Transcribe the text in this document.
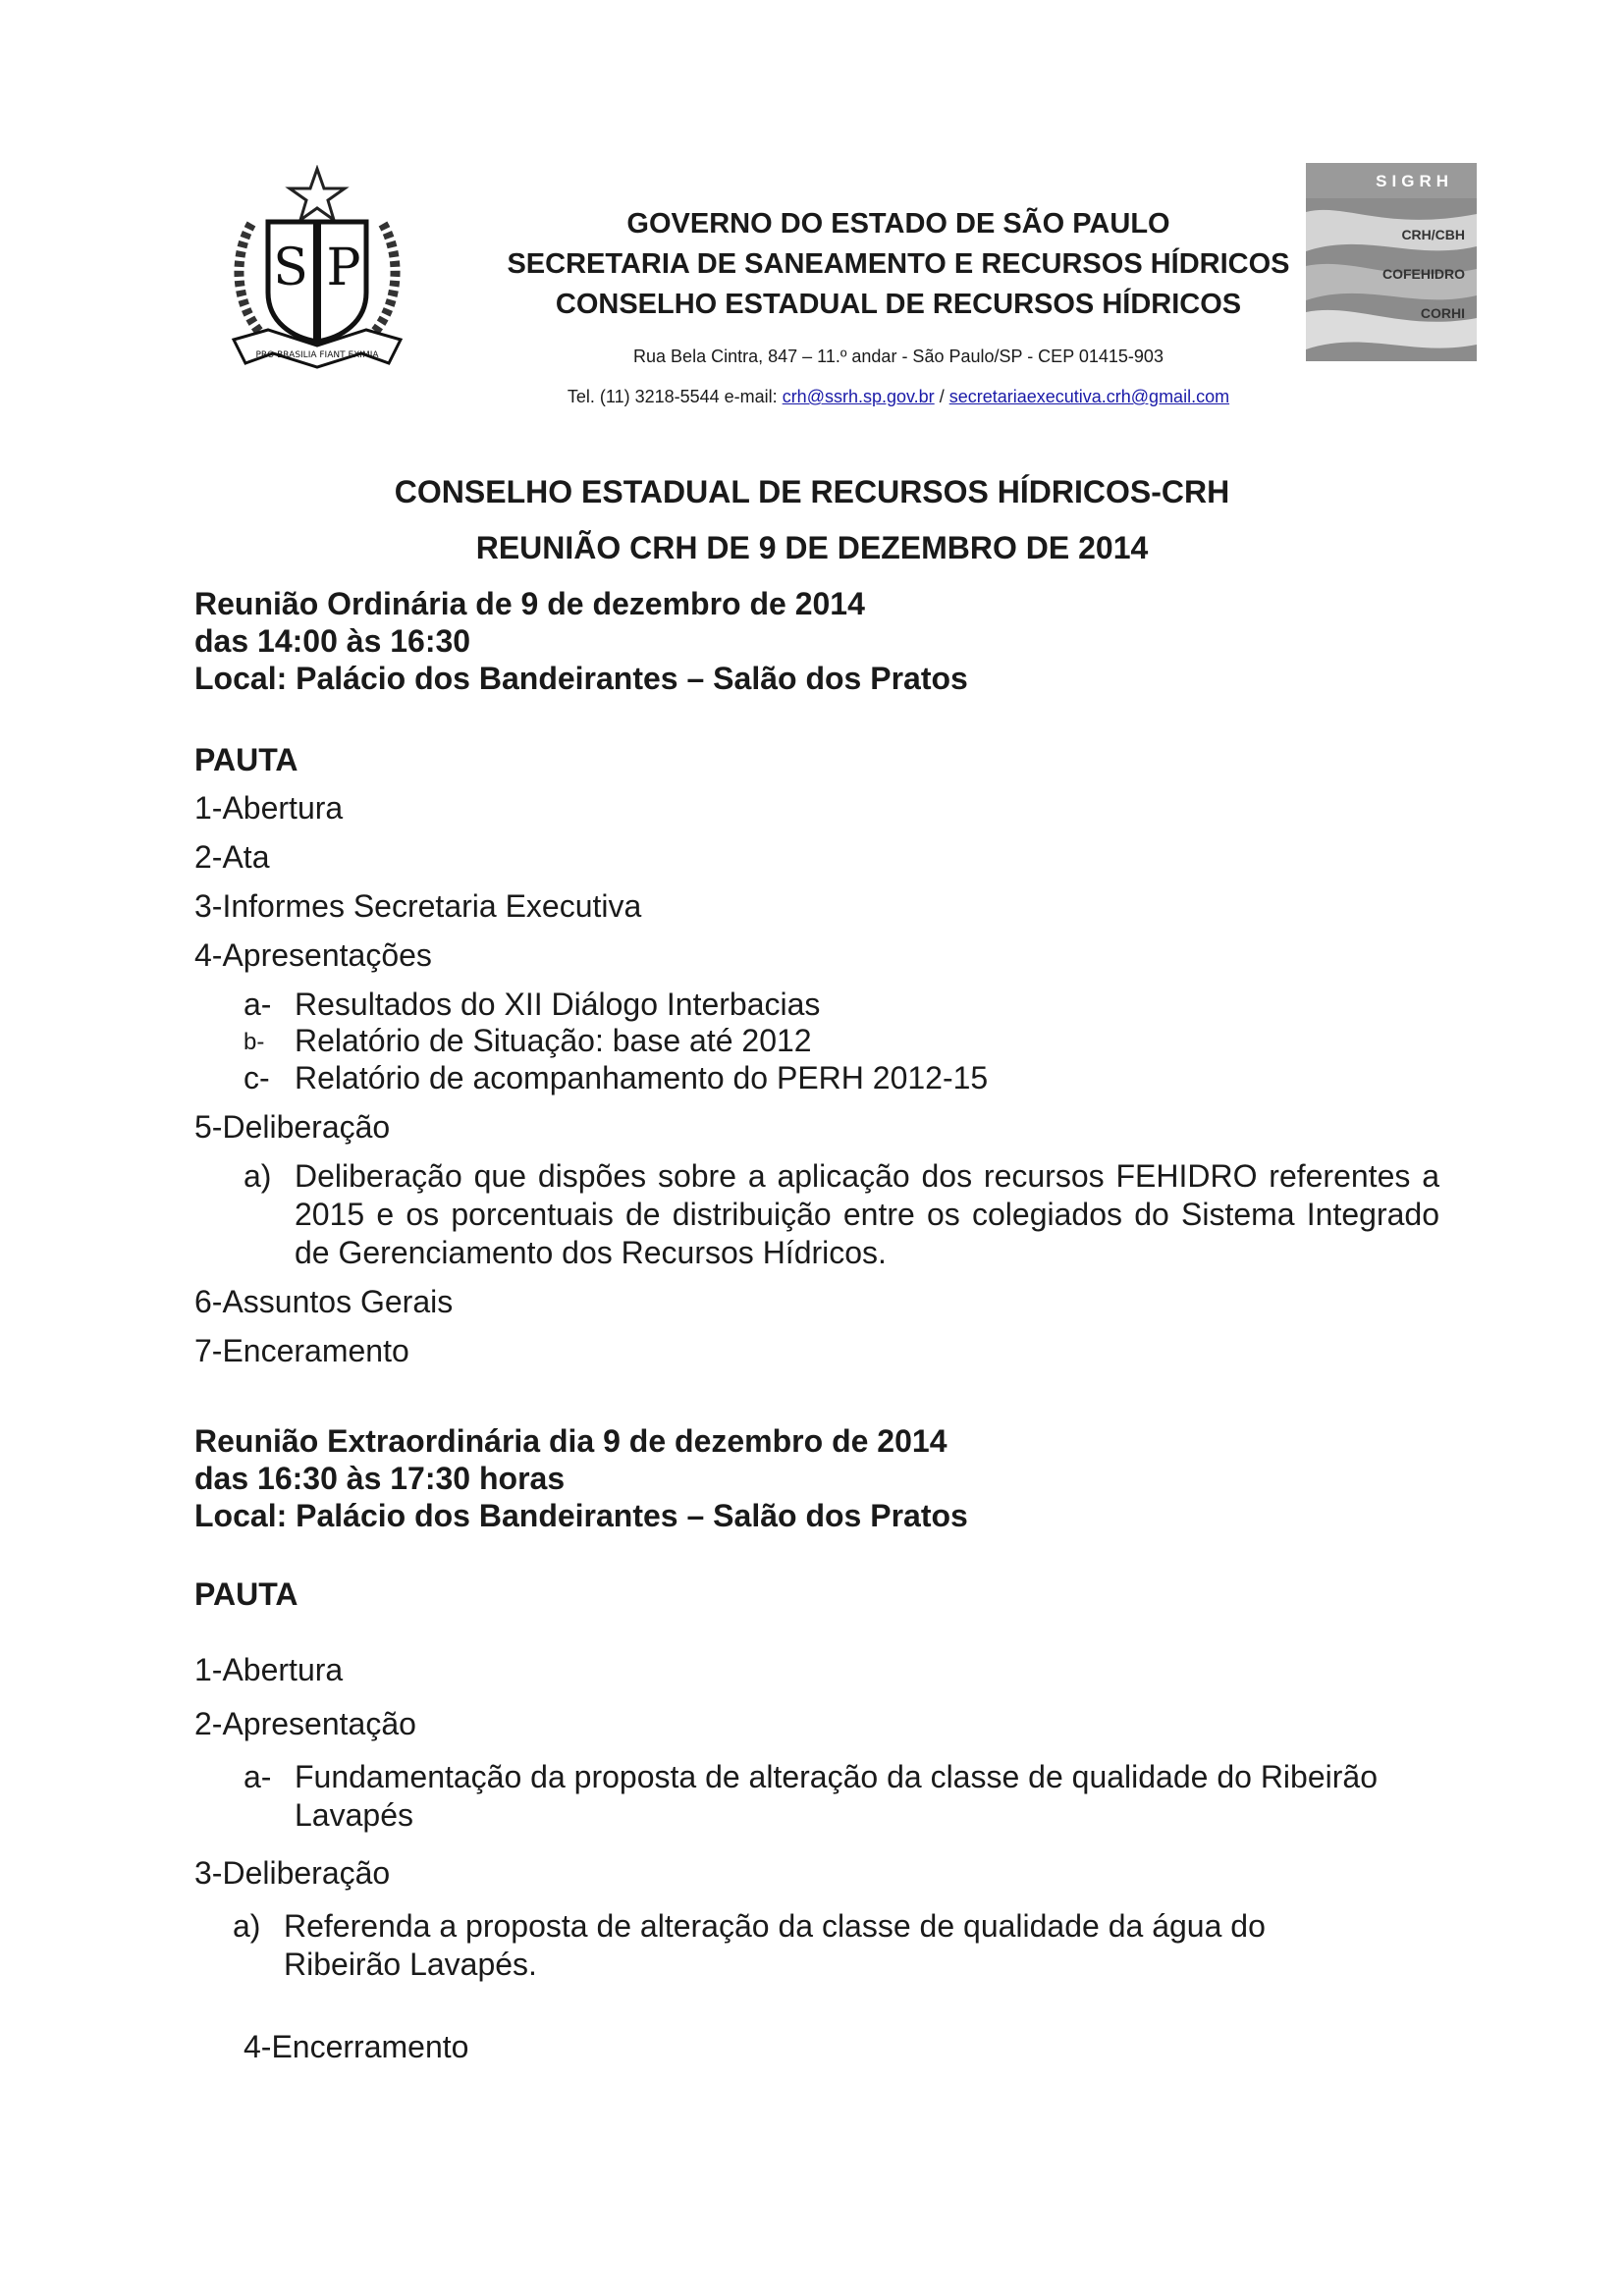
S P
PRO BRASILIA FIANT EXIMIA
SIGRH
CRH/CBH
COFEHIDRO
CORHI
GOVERNO DO ESTADO DE SÃO PAULO
SECRETARIA DE SANEAMENTO E RECURSOS HÍDRICOS
CONSELHO ESTADUAL DE RECURSOS HÍDRICOS
Rua Bela Cintra, 847 – 11.º andar - São Paulo/SP - CEP 01415-903
Tel. (11) 3218-5544 e-mail: crh@ssrh.sp.gov.br / secretariaexecutiva.crh@gmail.com
CONSELHO ESTADUAL DE RECURSOS HÍDRICOS-CRH
REUNIÃO CRH DE 9 DE DEZEMBRO DE 2014
Reunião Ordinária de 9 de dezembro de 2014
das 14:00 às 16:30
Local: Palácio dos Bandeirantes – Salão dos Pratos
PAUTA
1-Abertura
2-Ata
3-Informes Secretaria Executiva
4-Apresentações
a- Resultados do XII Diálogo Interbacias
b- Relatório de Situação: base até 2012
c- Relatório de acompanhamento do PERH 2012-15
5-Deliberação
a) Deliberação que dispões sobre a aplicação dos recursos FEHIDRO referentes a 2015 e os porcentuais de distribuição entre os colegiados do Sistema Integrado de Gerenciamento dos Recursos Hídricos.
6-Assuntos Gerais
7-Enceramento
Reunião Extraordinária dia 9 de dezembro de 2014
das 16:30 às 17:30 horas
Local: Palácio dos Bandeirantes – Salão dos Pratos
PAUTA
1-Abertura
2-Apresentação
a- Fundamentação da proposta de alteração da classe de qualidade do Ribeirão Lavapés
3-Deliberação
a) Referenda a proposta de alteração da classe de qualidade da água do Ribeirão Lavapés.
4-Encerramento
